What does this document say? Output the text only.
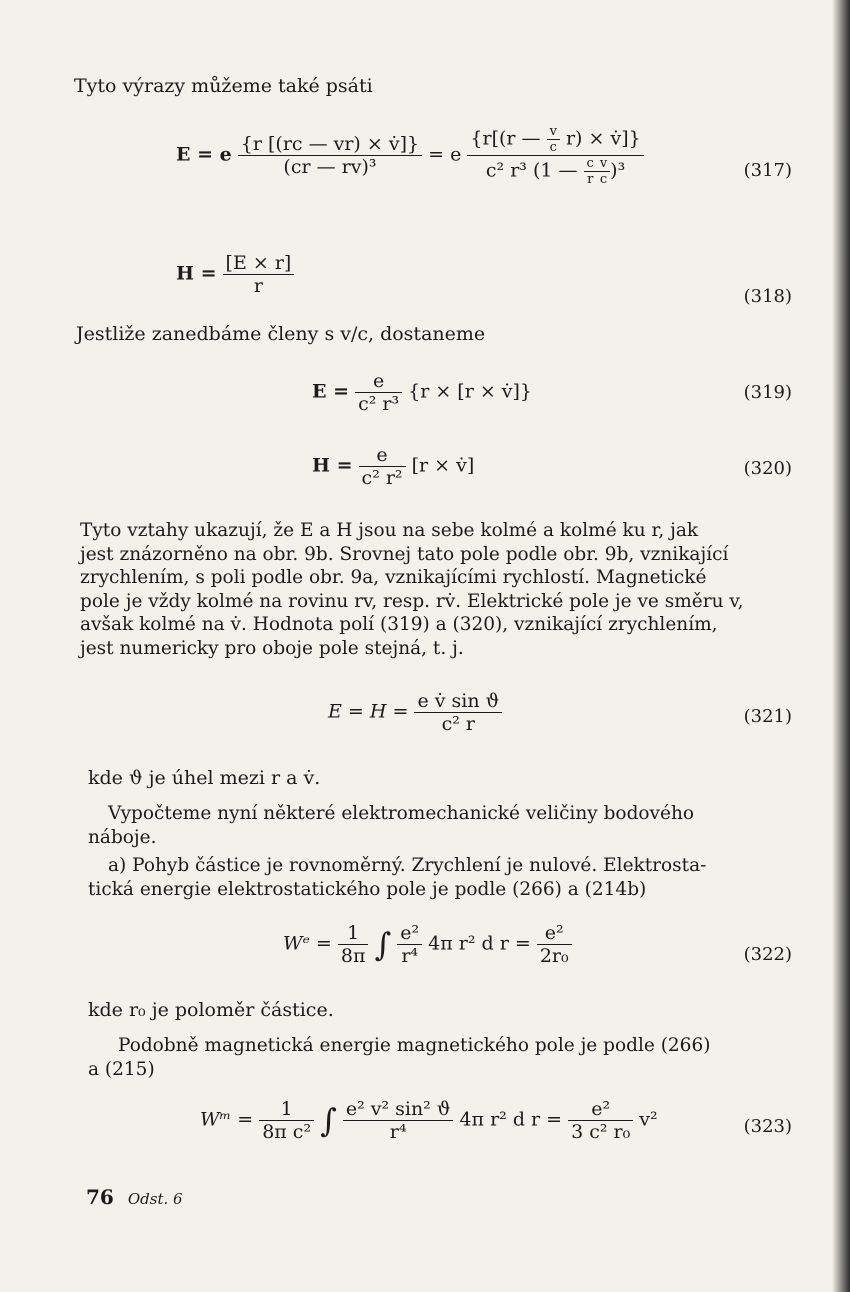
Tyto výrazy můžeme také psáti
E = e $\frac{\{r [(rc — vr) \times v̇]\}}{\text{(cr — rv)³}} = e \frac{\{r[(r — \frac{v}{c} r) \times v̇]\}}{c^2 r^3 (1 — \frac{c}{r} \frac{v}{c} )^3}$	(317)
$H = \frac{[E \times r]}{r}$	(318)
Jestliže zanedbáme členy s v/c, dostaneme
$E = \frac{e}{\text{c² r³}} \{r \times [r$ × v̇]}	(319)
$H = \frac{e}{\text{c² r²}} [r$ × v̇]	(320)
Tyto vztahy ukazují, že E a H jsou na sebe kolmé a kolmé ku r, jak
jest znázorněno na obr. 9b. Srovnej tato pole podle obr. 9b, vznikající
zrychlením, s poli podle obr. 9a, vznikajícími rychlostí. Magnetické
pole je vždy kolmé na rovinu rv, resp. rv̇. Elektrické pole je ve směru v,
avšak kolmé na v̇. Hodnota polí (319) a (320), vznikající zrychlením,
jest numericky pro oboje pole stejná, t. j.
$E = H = \frac{\text{e v̇ sin ϑ}}{\text{c² r}}$	(321)
kde ϑ je úhel mezi r a v̇.
Vypočteme nyní některé elektromechanické veličiny bodového
náboje.
a) Pohyb částice je rovnoměrný. Zrychlení je nulové. Elektrosta-
tická energie elektrostatického pole je podle (266) a (214b)
Wᵉ = $\frac{1}{8\pi}$ ∫ $\frac{\text{e²}}{\text{r⁴}} 4\pi$ r² d $r = \frac{\text{e²}}{\text{2r₀}}$	(322)
kde r₀ je poloměr částice.
Podobně magnetická energie magnetického pole je podle (266)
a (215)
Wᵐ = $\frac{1}{\text{8π c²}}$ ∫ $\frac{\text{e² v² sin² ϑ}}{\text{r⁴}} 4\pi$ r² d $r = \frac{\text{e²}}{\text{3 c² r₀}} v^2$	(323)
76 Odst. 6
